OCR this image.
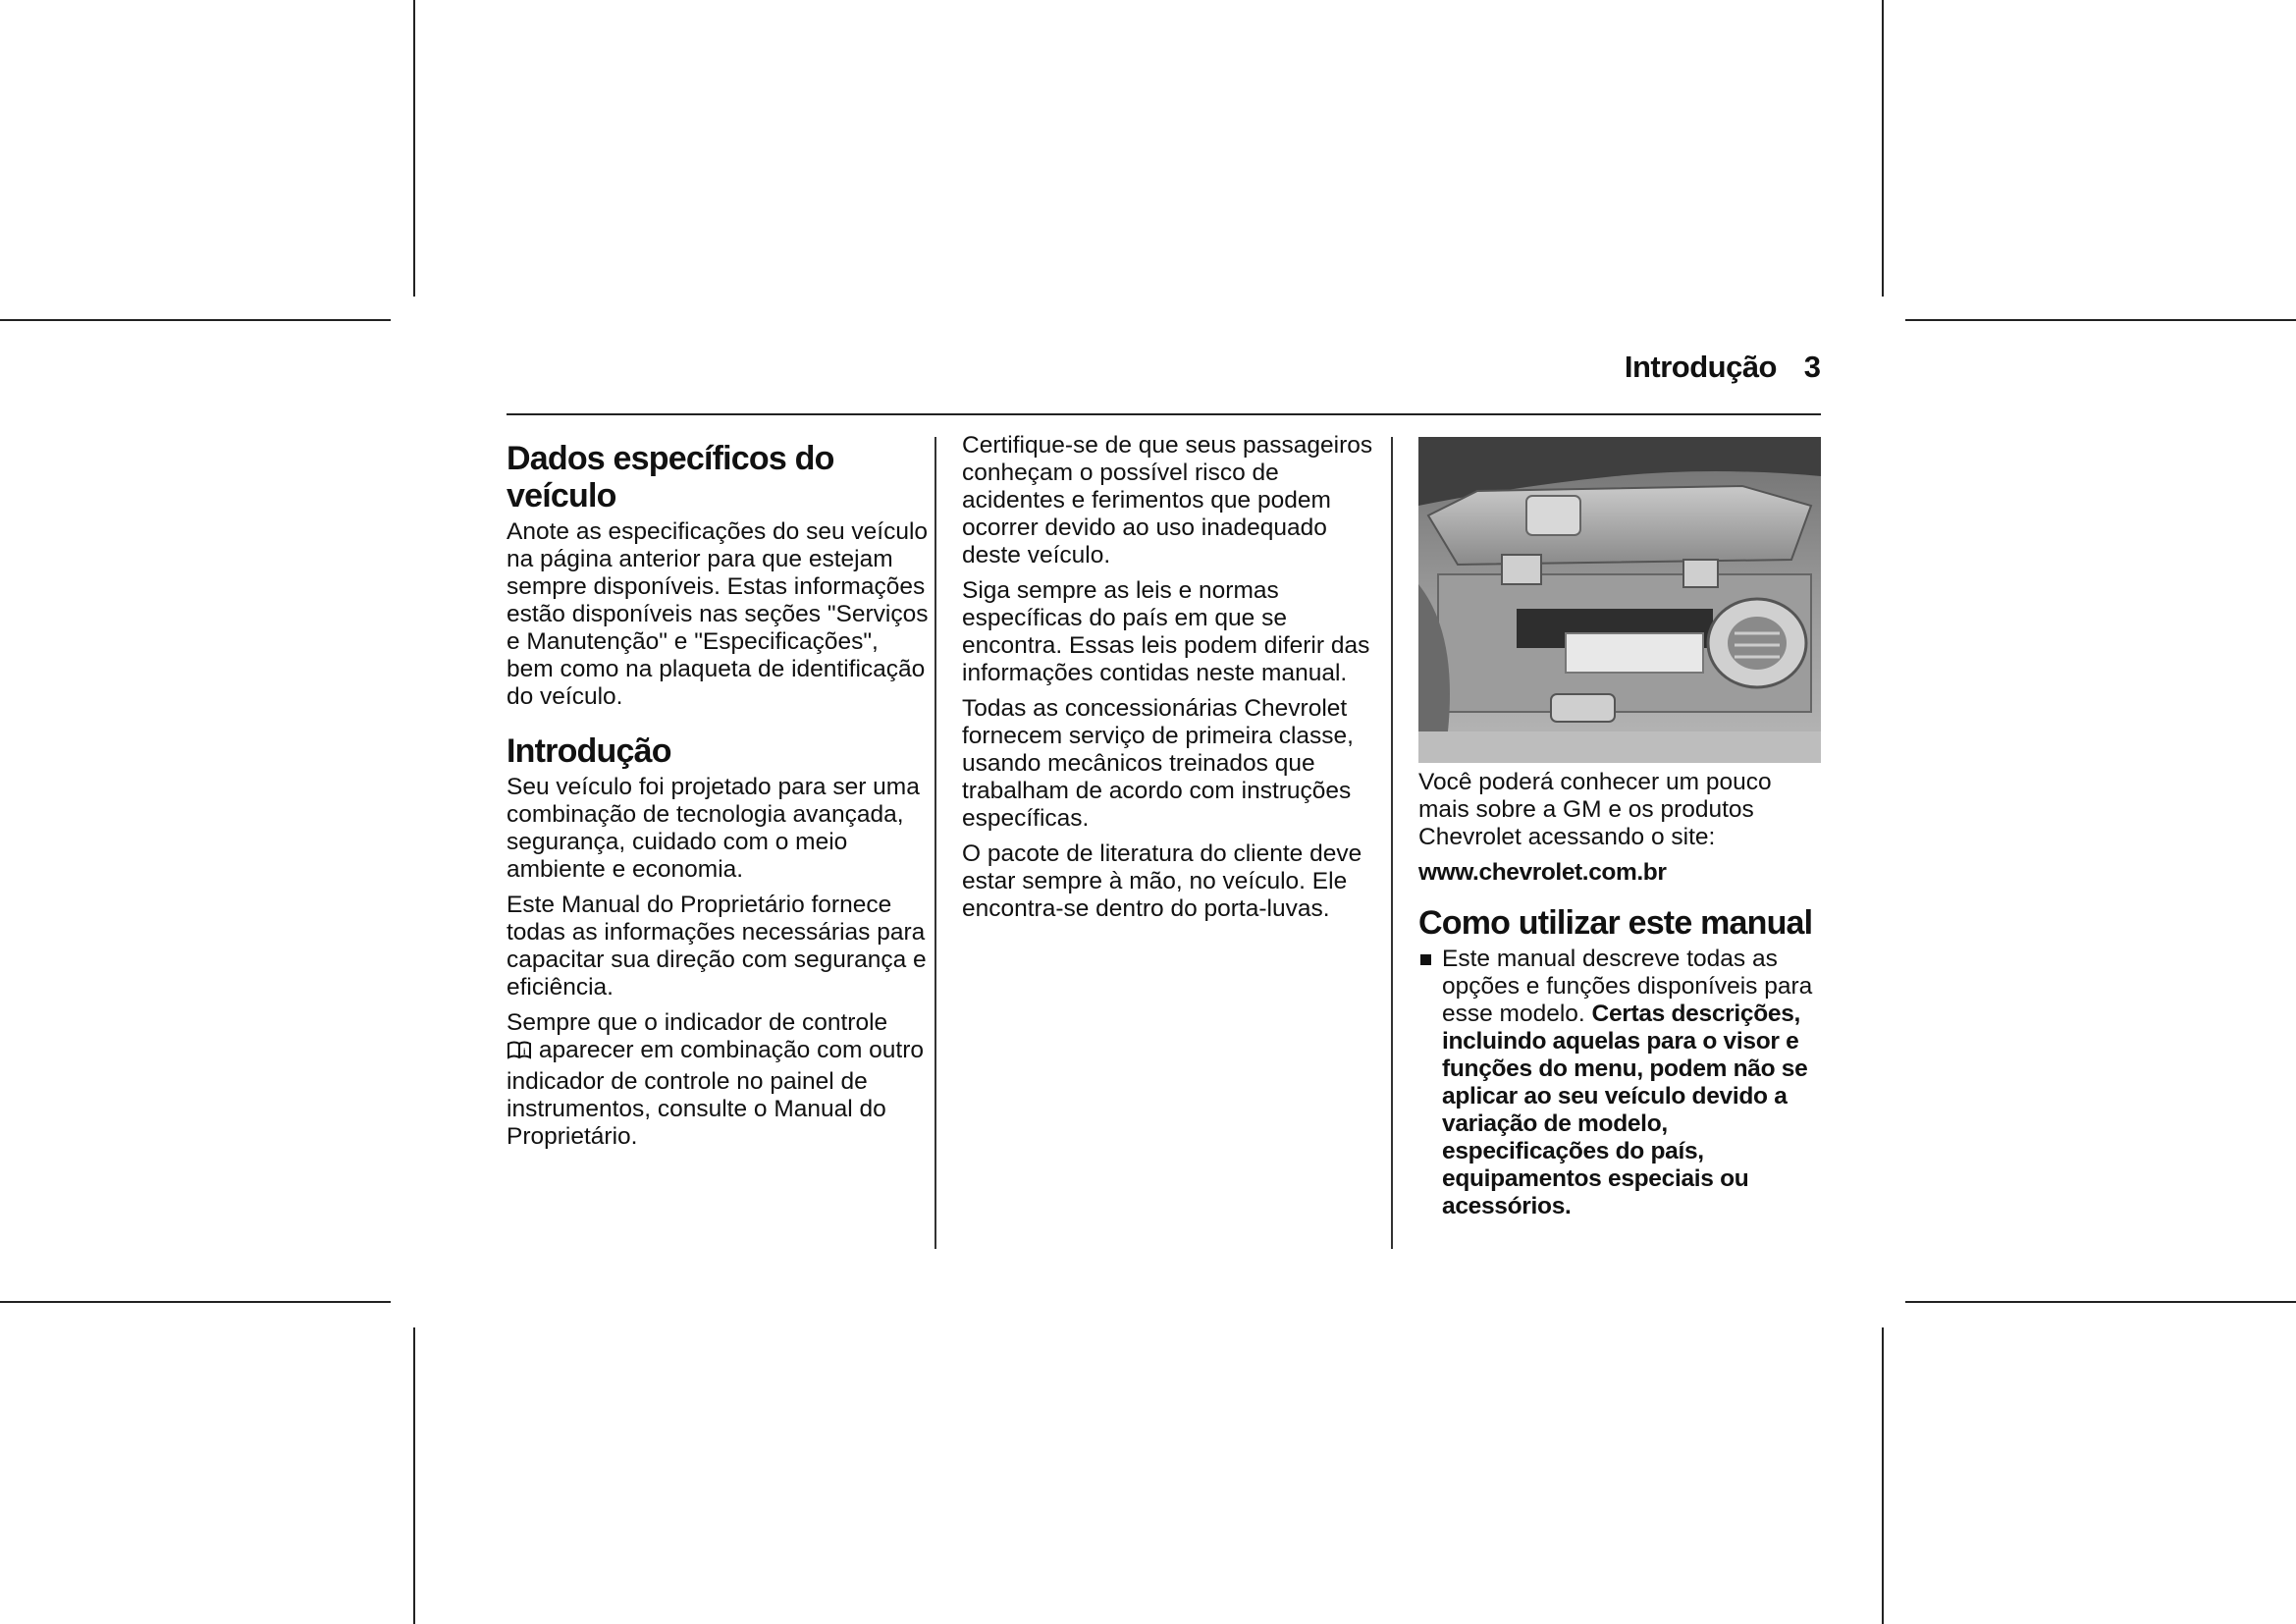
Introdução 3
Dados específicos do veículo

Anote as especificações do seu veículo na página anterior para que estejam sempre disponíveis. Estas informações estão disponíveis nas seções "Serviços e Manutenção" e "Especificações", bem como na plaqueta de identificação do veículo.

Introdução

Seu veículo foi projetado para ser uma combinação de tecnologia avançada, segurança, cuidado com o meio ambiente e economia.

Este Manual do Proprietário fornece todas as informações necessárias para capacitar sua direção com segurança e eficiência.

Sempre que o indicador de controle

i aparecer em combinação com outro indicador de controle no painel de instrumentos, consulte o Manual do Proprietário.

Certifique-se de que seus passageiros conheçam o possível risco de acidentes e ferimentos que podem ocorrer devido ao uso inadequado deste veículo.

Siga sempre as leis e normas específicas do país em que se encontra. Essas leis podem diferir das informações contidas neste manual.

Todas as concessionárias Chevrolet fornecem serviço de primeira classe, usando mecânicos treinados que trabalham de acordo com instruções específicas.

O pacote de literatura do cliente deve estar sempre à mão, no veículo. Ele encontra-se dentro do porta-luvas.

Você poderá conhecer um pouco mais sobre a GM e os produtos Chevrolet acessando o site:

www.chevrolet.com.br

Como utilizar este manual
Este manual descreve todas as opções e funções disponíveis para esse modelo. Certas descrições, incluindo aquelas para o visor e funções do menu, podem não se aplicar ao seu veículo devido a variação de modelo, especificações do país, equipamentos especiais ou acessórios.
